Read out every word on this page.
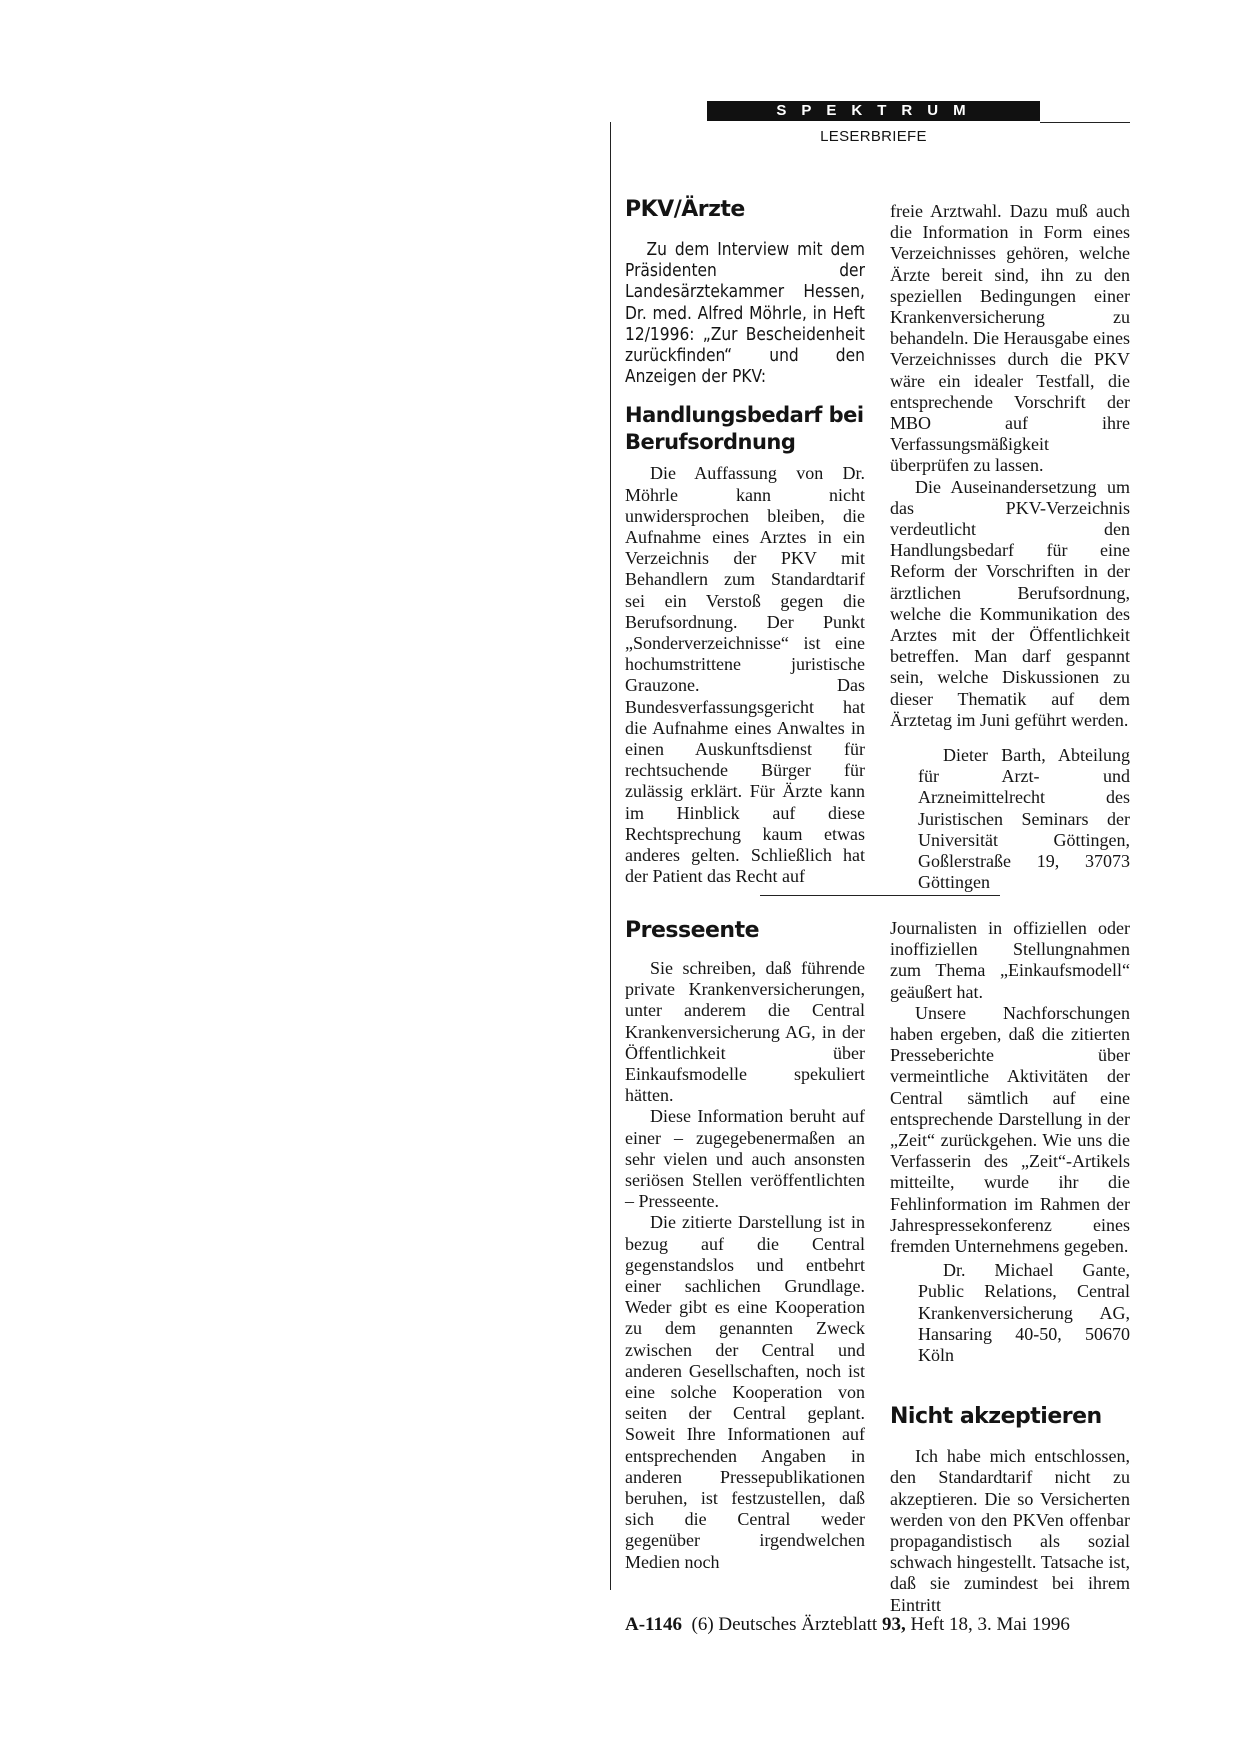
SPEKTRUM
LESERBRIEFE
PKV/Ärzte

Zu dem Interview mit dem Präsidenten der Landesärztekammer Hessen, Dr. med. Alfred Möhrle, in Heft 12/1996: „Zur Bescheidenheit zurückfinden“ und den Anzeigen der PKV:

Handlungsbedarf bei Berufsordnung

Die Auffassung von Dr. Möhrle kann nicht unwidersprochen bleiben, die Aufnahme eines Arztes in ein Verzeichnis der PKV mit Behandlern zum Standardtarif sei ein Verstoß gegen die Berufsordnung. Der Punkt „Sonderverzeichnisse“ ist eine hochumstrittene juristische Grauzone. Das Bundesverfassungsgericht hat die Aufnahme eines Anwaltes in einen Auskunftsdienst für rechtsuchende Bürger für zulässig erklärt. Für Ärzte kann im Hinblick auf diese Rechtsprechung kaum etwas anderes gelten. Schließlich hat der Patient das Recht auf

freie Arztwahl. Dazu muß auch die Information in Form eines Verzeichnisses gehören, welche Ärzte bereit sind, ihn zu den speziellen Bedingungen einer Krankenversicherung zu behandeln. Die Herausgabe eines Verzeichnisses durch die PKV wäre ein idealer Testfall, die entsprechende Vorschrift der MBO auf ihre Verfassungsmäßigkeit überprüfen zu lassen.

Die Auseinandersetzung um das PKV-Verzeichnis verdeutlicht den Handlungsbedarf für eine Reform der Vorschriften in der ärztlichen Berufsordnung, welche die Kommunikation des Arztes mit der Öffentlichkeit betreffen. Man darf gespannt sein, welche Diskussionen zu dieser Thematik auf dem Ärztetag im Juni geführt werden.

Dieter Barth, Abteilung für Arzt- und Arzneimittelrecht des Juristischen Seminars der Universität Göttingen, Goßlerstraße 19, 37073 Göttingen

Presseente

Sie schreiben, daß führende private Krankenversicherungen, unter anderem die Central Krankenversicherung AG, in der Öffentlichkeit über Einkaufsmodelle spekuliert hätten.

Diese Information beruht auf einer – zugegebenermaßen an sehr vielen und auch ansonsten seriösen Stellen veröffentlichten – Presseente.

Die zitierte Darstellung ist in bezug auf die Central gegenstandslos und entbehrt einer sachlichen Grundlage. Weder gibt es eine Kooperation zu dem genannten Zweck zwischen der Central und anderen Gesellschaften, noch ist eine solche Kooperation von seiten der Central geplant. Soweit Ihre Informationen auf entsprechenden Angaben in anderen Pressepublikationen beruhen, ist festzustellen, daß sich die Central weder gegenüber irgendwelchen Medien noch

Journalisten in offiziellen oder inoffiziellen Stellungnahmen zum Thema „Einkaufsmodell“ geäußert hat.

Unsere Nachforschungen haben ergeben, daß die zitierten Presseberichte über vermeintliche Aktivitäten der Central sämtlich auf eine entsprechende Darstellung in der „Zeit“ zurückgehen. Wie uns die Verfasserin des „Zeit“-Artikels mitteilte, wurde ihr die Fehlinformation im Rahmen der Jahrespressekonferenz eines fremden Unternehmens gegeben.

Dr. Michael Gante, Public Relations, Central Krankenversicherung AG, Hansaring 40-50, 50670 Köln

Nicht akzeptieren

Ich habe mich entschlossen, den Standardtarif nicht zu akzeptieren. Die so Versicherten werden von den PKVen offenbar propagandistisch als sozial schwach hingestellt. Tatsache ist, daß sie zumindest bei ihrem Eintritt

A-1146 (6) Deutsches Ärzteblatt 93, Heft 18, 3. Mai 1996
